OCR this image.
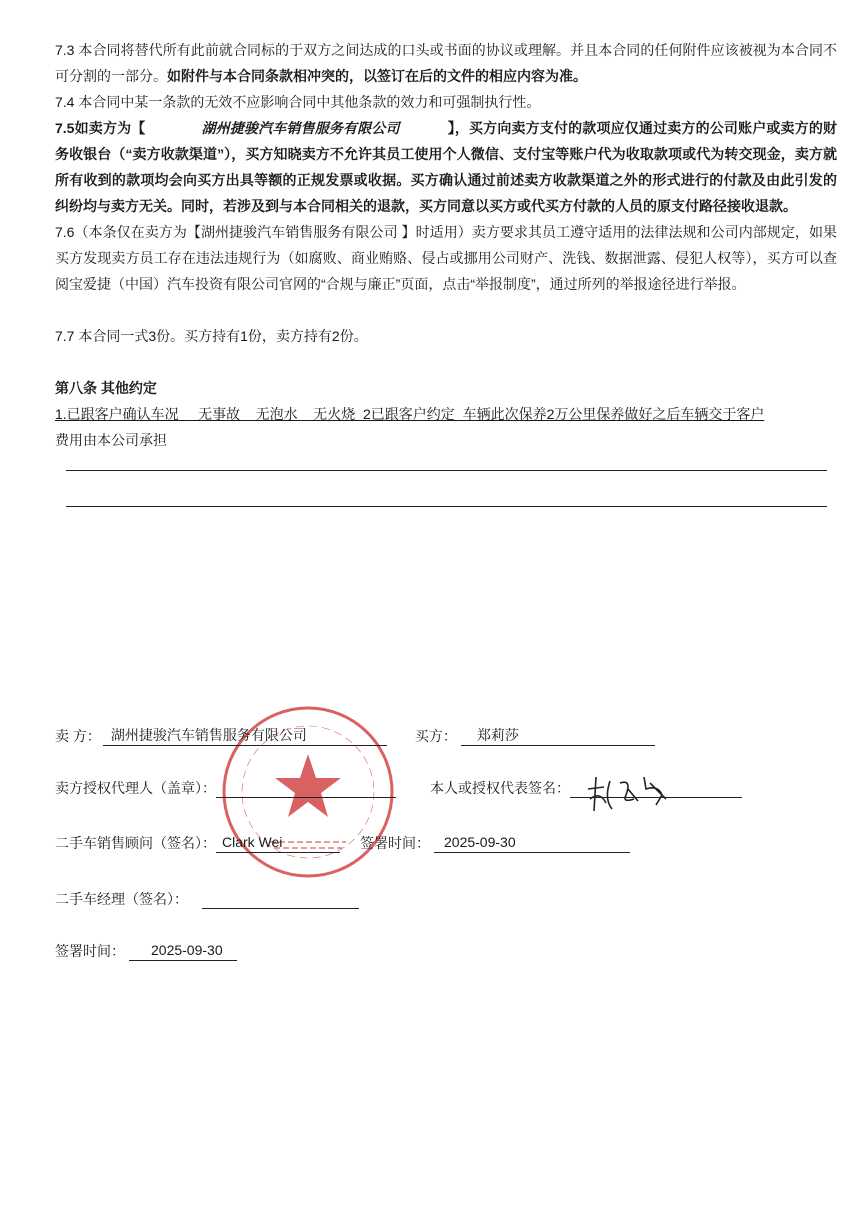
7.3 本合同将替代所有此前就合同标的于双方之间达成的口头或书面的协议或理解。并且本合同的任何附件应该被视为本合同不可分割的一部分。如附件与本合同条款相冲突的，以签订在后的文件的相应内容为准。

7.4 本合同中某一条款的无效不应影响合同中其他条款的效力和可强制执行性。

7.5如卖方为【	湖州捷骏汽车销售服务有限公司	】，买方向卖方支付的款项应仅通过卖方的公司账户或卖方的财务收银台（“卖方收款渠道”），买方知晓卖方不允许其员工使用个人微信、支付宝等账户代为收取款项或代为转交现金，卖方就所有收到的款项均会向买方出具等额的正规发票或收据。买方确认通过前述卖方收款渠道之外的形式进行的付款及由此引发的纠纷均与卖方无关。同时，若涉及到与本合同相关的退款，买方同意以买方或代买方付款的人员的原支付路径接收退款。

7.6（本条仅在卖方为【湖州捷骏汽车销售服务有限公司 】时适用）卖方要求其员工遵守适用的法律法规和公司内部规定，如果买方发现卖方员工存在违法违规行为（如腐败、商业贿赂、侵占或挪用公司财产、洗钱、数据泄露、侵犯人权等），买方可以查阅宝爱捷（中国）汽车投资有限公司官网的“合规与廉正”页面，点击“举报制度”，通过所列的举报途径进行举报。

7.7 本合同一式3份。买方持有1份，卖方持有2份。

第八条 其他约定

1.已跟客户确认车况     无事故    无泡水    无火烧  2已跟客户约定  车辆此次保养2万公里保养做好之后车辆交于客户

费用由本公司承担

卖 方： 湖州捷骏汽车销售服务有限公司	买方：	郑莉莎
卖方授权代理人（盖章）：	本人或授权代表签名：
二手车销售顾问（签名）： Clark Wei	签署时间：	2025-09-30
二手车经理（签名）：
签署时间：	2025-09-30
